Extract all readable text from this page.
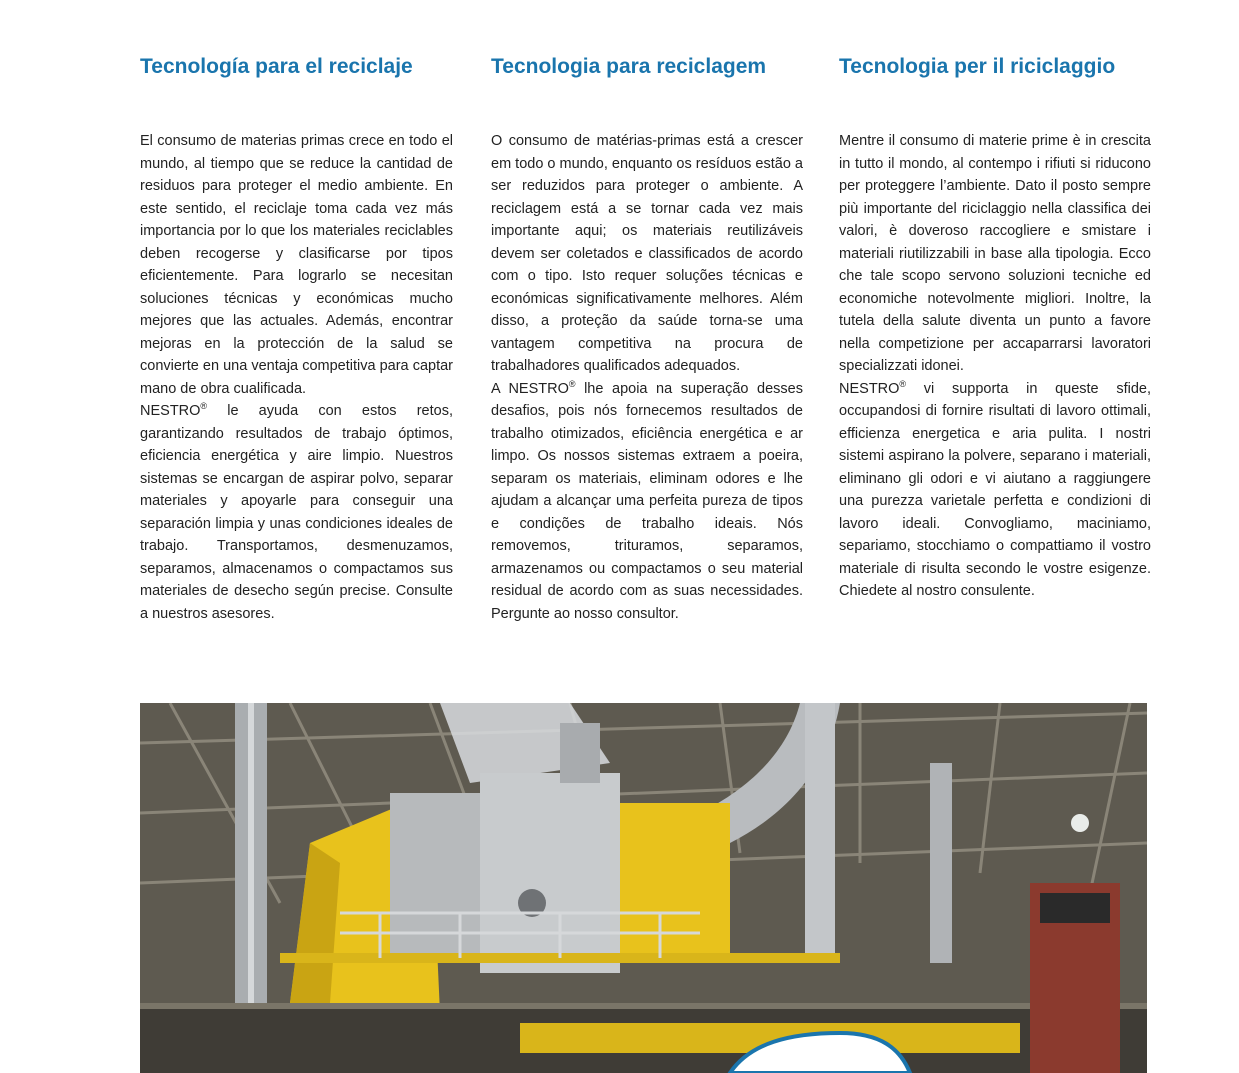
Tecnología para el reciclaje

El consumo de materias primas crece en todo el mundo, al tiempo que se reduce la cantidad de residuos para proteger el medio ambiente. En este sentido, el reciclaje toma cada vez más importancia por lo que los materiales reciclables deben recogerse y clasificarse por tipos eficientemente. Para lograrlo se necesitan soluciones técnicas y económicas mucho mejores que las actuales. Además, encontrar mejoras en la protección de la salud se convierte en una ventaja competitiva para captar mano de obra cualificada.

NESTRO® le ayuda con estos retos, garantizando resultados de trabajo óptimos, eficiencia energética y aire limpio. Nuestros sistemas se encargan de aspirar polvo, separar materiales y apoyarle para conseguir una separación limpia y unas condiciones ideales de trabajo. Transportamos, desmenuzamos, separamos, almacenamos o compactamos sus materiales de desecho según precise. Consulte a nuestros asesores.

Tecnologia para reciclagem

O consumo de matérias-primas está a crescer em todo o mundo, enquanto os resíduos estão a ser reduzidos para proteger o ambiente. A reciclagem está a se tornar cada vez mais importante aqui; os materiais reutilizáveis devem ser coletados e classificados de acordo com o tipo. Isto requer soluções técnicas e económicas significativamente melhores. Além disso, a proteção da saúde torna-se uma vantagem competitiva na procura de trabalhadores qualificados adequados.

A NESTRO® lhe apoia na superação desses desafios, pois nós fornecemos resultados de trabalho otimizados, eficiência energética e ar limpo. Os nossos sistemas extraem a poeira, separam os materiais, eliminam odores e lhe ajudam a alcançar uma perfeita pureza de tipos e condições de trabalho ideais. Nós removemos, trituramos, separamos, armazenamos ou compactamos o seu material residual de acordo com as suas necessidades. Pergunte ao nosso consultor.

Tecnologia per il riciclaggio

Mentre il consumo di materie prime è in crescita in tutto il mondo, al contempo i rifiuti si riducono per proteggere l’ambiente. Dato il posto sempre più importante del riciclaggio nella classifica dei valori, è doveroso raccogliere e smistare i materiali riutilizzabili in base alla tipologia. Ecco che tale scopo servono soluzioni tecniche ed economiche notevolmente migliori. Inoltre, la tutela della salute diventa un punto a favore nella competizione per accaparrarsi lavoratori specializzati idonei.

NESTRO® vi supporta in queste sfide, occupandosi di fornire risultati di lavoro ottimali, efficienza energetica e aria pulita. I nostri sistemi aspirano la polvere, separano i materiali, eliminano gli odori e vi aiutano a raggiungere una purezza varietale perfetta e condizioni di lavoro ideali. Convogliamo, maciniamo, separiamo, stocchiamo o compattiamo il vostro materiale di risulta secondo le vostre esigenze. Chiedete al nostro consulente.
